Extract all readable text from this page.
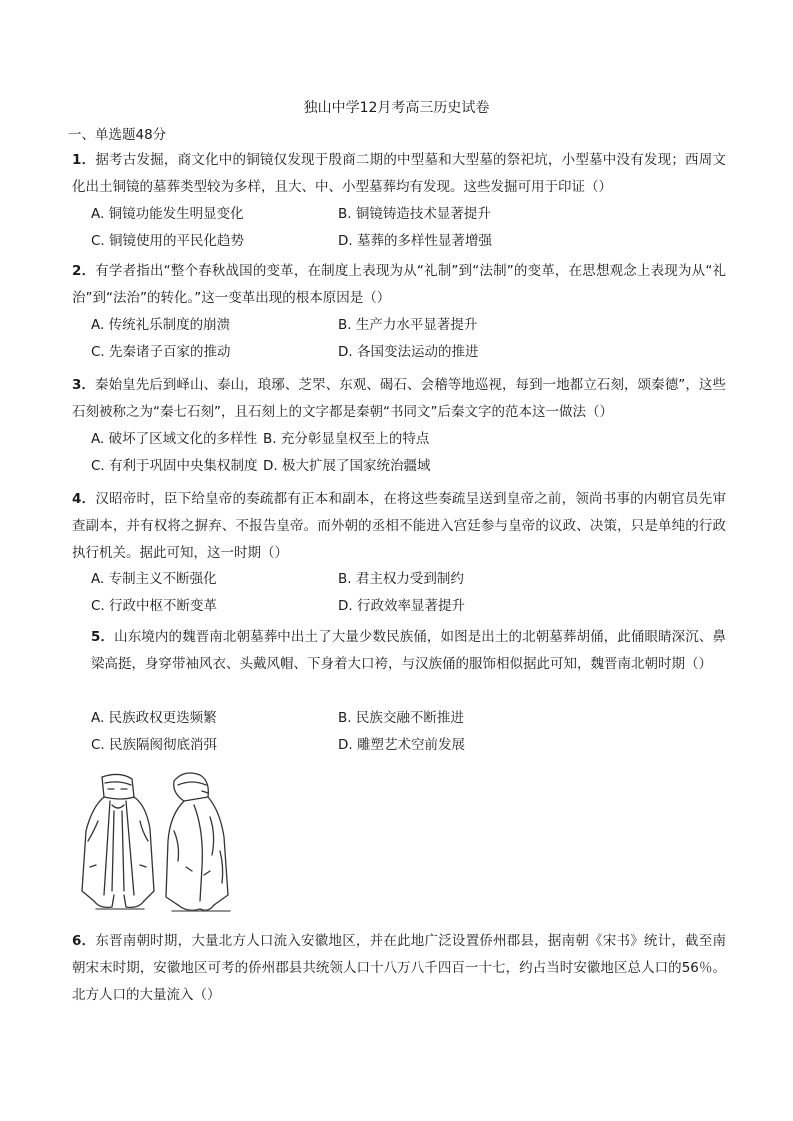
独山中学12月考高三历史试卷
一、单选题48分
1．据考古发掘，商文化中的铜镜仅发现于殷商二期的中型墓和大型墓的祭祀坑，小型墓中没有发现；西周文化出土铜镜的墓葬类型较为多样，且大、中、小型墓葬均有发现。这些发掘可用于印证（）
A. 铜镜功能发生明显变化	B. 铜镜铸造技术显著提升
C. 铜镜使用的平民化趋势	D. 墓葬的多样性显著增强
2．有学者指出“整个春秋战国的变革，在制度上表现为从“礼制”到“法制”的变革，在思想观念上表现为从“礼治”到“法治”的转化。”这一变革出现的根本原因是（）
A. 传统礼乐制度的崩溃	B. 生产力水平显著提升
C. 先秦诸子百家的推动	D. 各国变法运动的推进
3．秦始皇先后到峄山、泰山，琅琊、芝罘、东观、碣石、会稽等地巡视，每到一地都立石刻，颂秦德”，这些石刻被称之为“秦七石刻”，且石刻上的文字都是秦朝“书同文”后秦文字的范本这一做法（）
A. 破坏了区域文化的多样性 B. 充分彰显皇权至上的特点
C. 有利于巩固中央集权制度 D. 极大扩展了国家统治疆域
4．汉昭帝时，臣下给皇帝的奏疏都有正本和副本，在将这些奏疏呈送到皇帝之前，领尚书事的内朝官员先审查副本，并有权将之摒弃、不报告皇帝。而外朝的丞相不能进入宫廷参与皇帝的议政、决策，只是单纯的行政执行机关。据此可知，这一时期（）
A. 专制主义不断强化	B. 君主权力受到制约
C. 行政中枢不断变革	D. 行政效率显著提升
5．山东境内的魏晋南北朝墓葬中出土了大量少数民族俑，如图是出土的北朝墓葬胡俑，此俑眼睛深沉、鼻梁高挺，身穿带袖风衣、头戴风帽、下身着大口袴，与汉族俑的服饰相似据此可知，魏晋南北朝时期（）
A. 民族政权更迭频繁	B. 民族交融不断推进
C. 民族隔阂彻底消弭	D. 雕塑艺术空前发展
6．东晋南朝时期，大量北方人口流入安徽地区，并在此地广泛设置侨州郡县，据南朝《宋书》统计，截至南朝宋末时期，安徽地区可考的侨州郡县共统领人口十八万八千四百一十七，约占当时安徽地区总人口的56％。北方人口的大量流入（）
